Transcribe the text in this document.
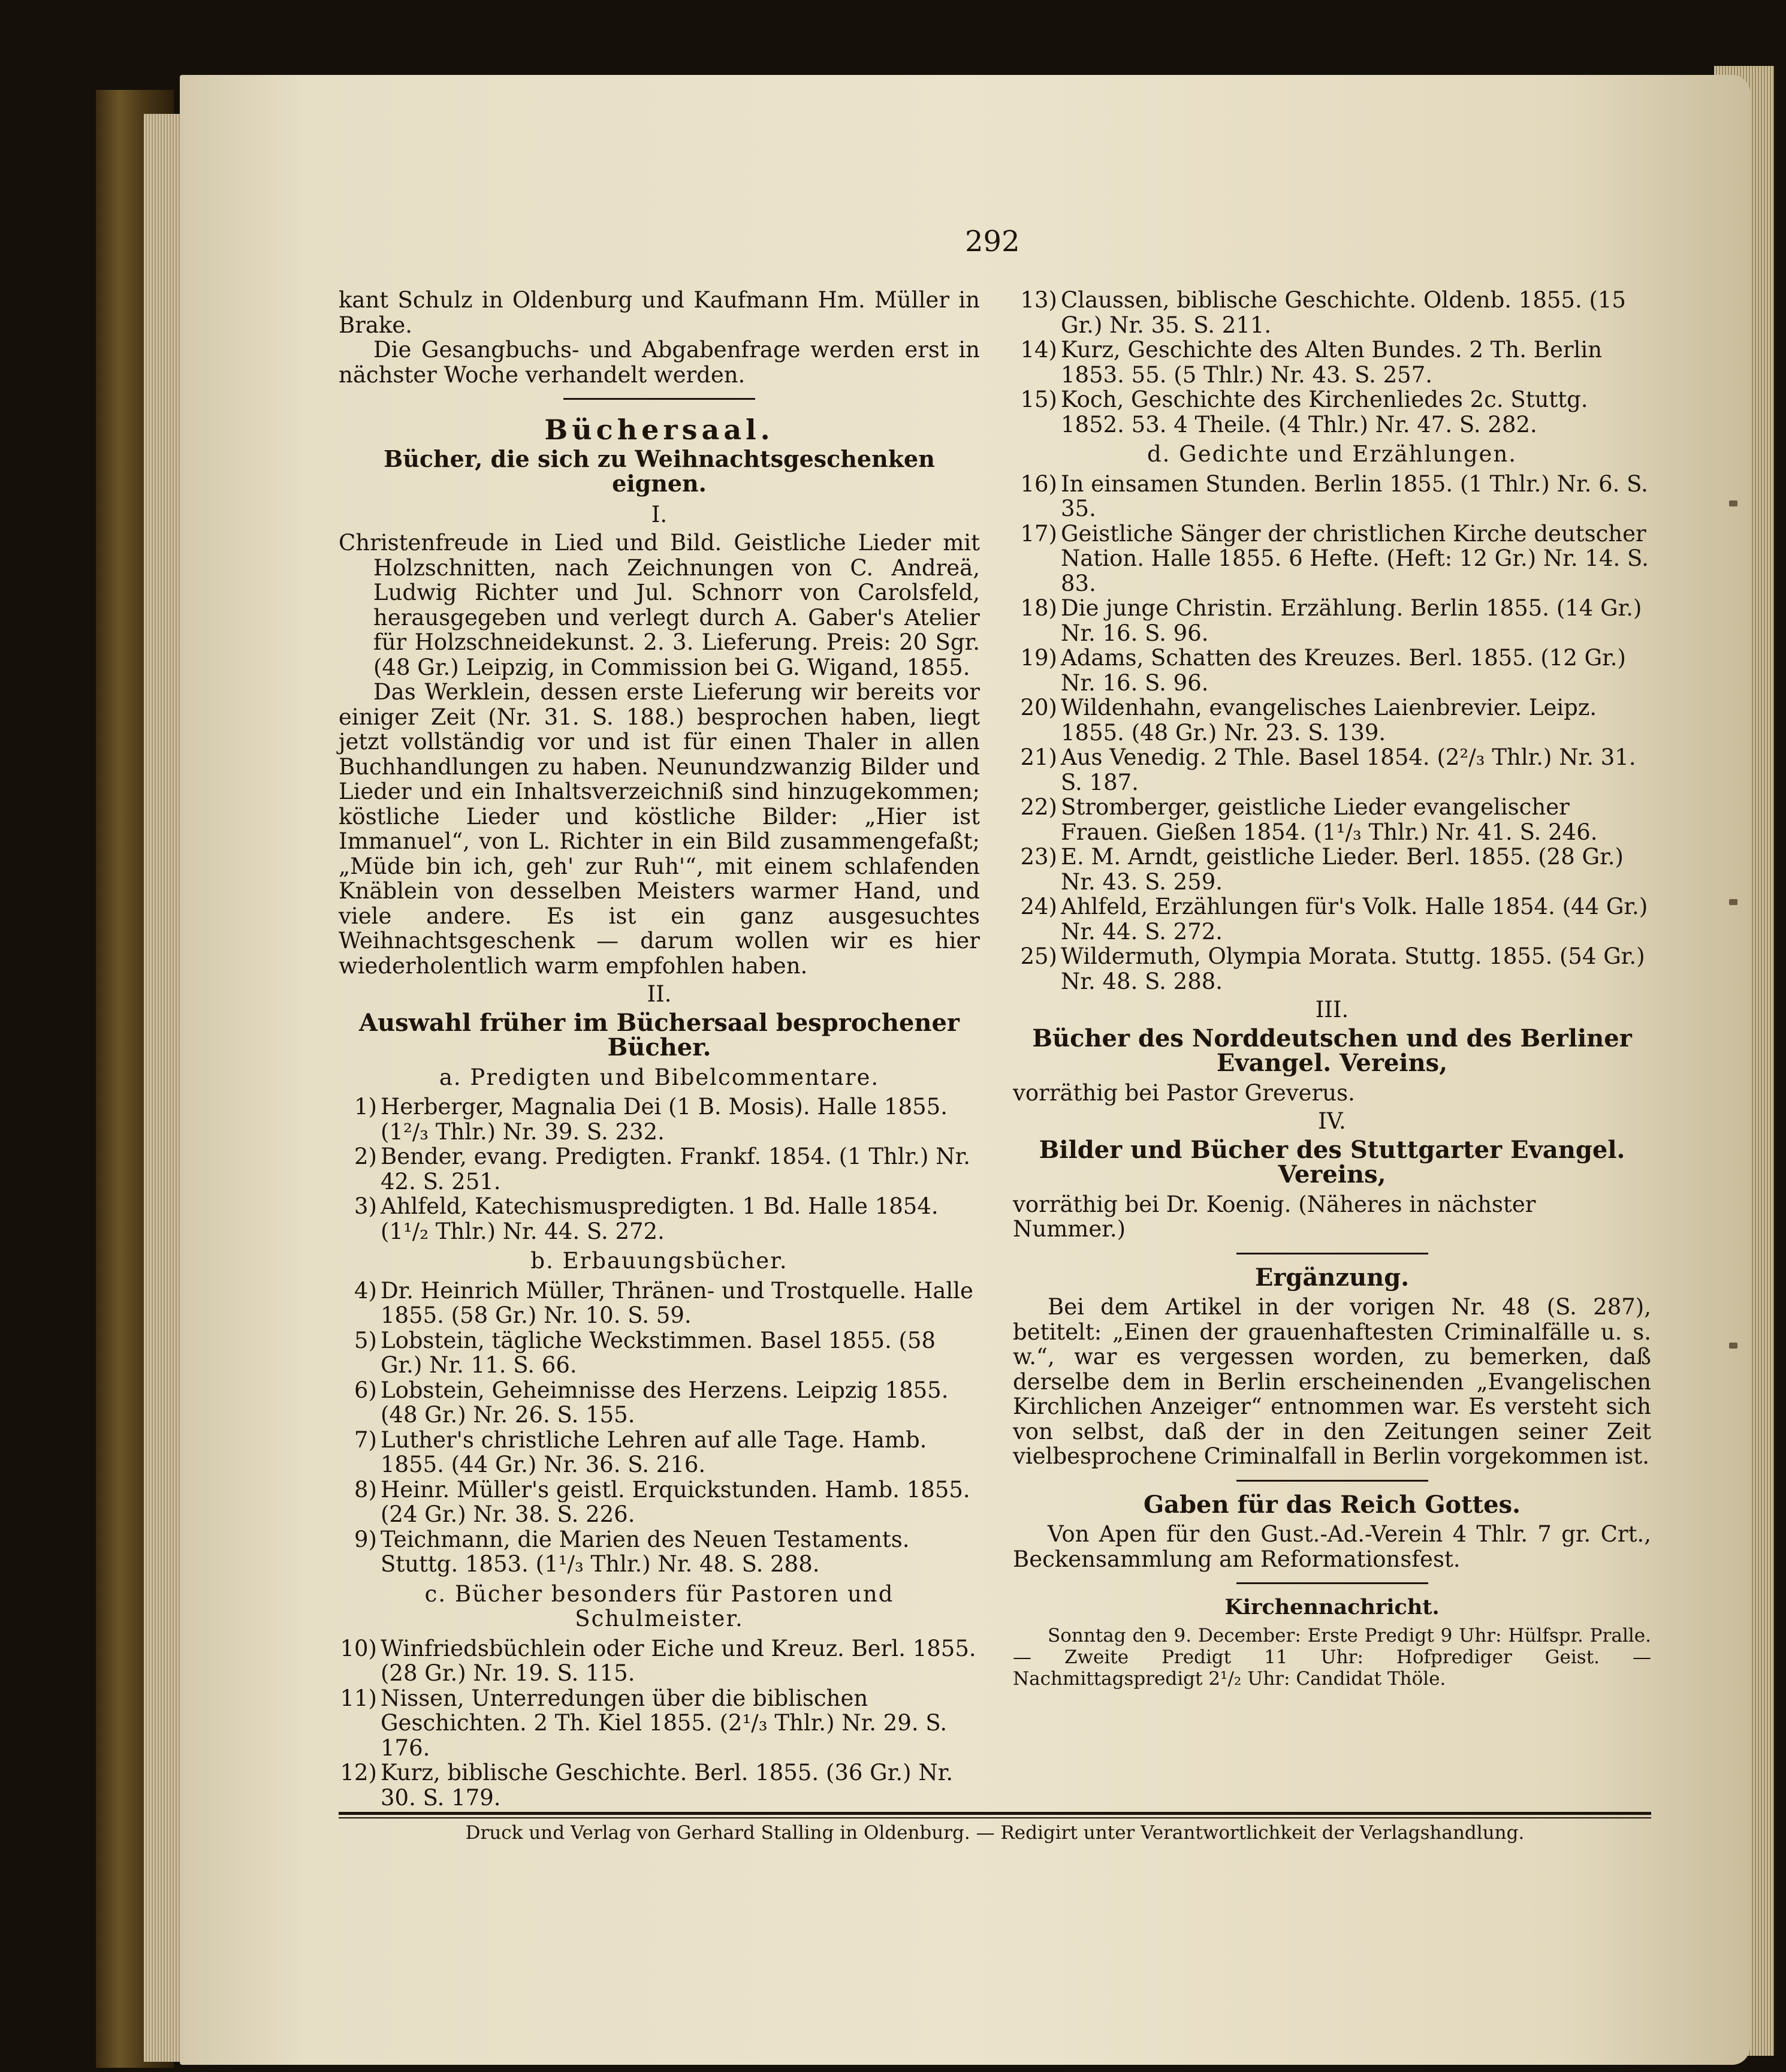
292

kant Schulz in Oldenburg und Kaufmann Hm. Müller in Brake.

Die Gesangbuchs- und Abgabenfrage werden erst in nächster Woche verhandelt werden.

Büchersaal.

Bücher, die sich zu Weihnachtsgeschenken eignen.

I.

Christenfreude in Lied und Bild. Geistliche Lieder mit Holzschnitten, nach Zeichnungen von C. Andreä, Ludwig Richter und Jul. Schnorr von Carolsfeld, herausgegeben und verlegt durch A. Gaber's Atelier für Holzschneidekunst. 2. 3. Lieferung. Preis: 20 Sgr. (48 Gr.) Leipzig, in Commission bei G. Wigand, 1855.

Das Werklein, dessen erste Lieferung wir bereits vor einiger Zeit (Nr. 31. S. 188.) besprochen haben, liegt jetzt vollständig vor und ist für einen Thaler in allen Buchhandlungen zu haben. Neunundzwanzig Bilder und Lieder und ein Inhaltsverzeichniß sind hinzugekommen; köstliche Lieder und köstliche Bilder: „Hier ist Immanuel“, von L. Richter in ein Bild zusammengefaßt; „Müde bin ich, geh' zur Ruh'“, mit einem schlafenden Knäblein von desselben Meisters warmer Hand, und viele andere. Es ist ein ganz ausgesuchtes Weihnachtsgeschenk — darum wollen wir es hier wiederholentlich warm empfohlen haben.

II.

Auswahl früher im Büchersaal besprochener Bücher.

a. Predigten und Bibelcommentare.

1) Herberger, Magnalia Dei (1 B. Mosis). Halle 1855. (1²/₃ Thlr.) Nr. 39. S. 232.
2) Bender, evang. Predigten. Frankf. 1854. (1 Thlr.) Nr. 42. S. 251.
3) Ahlfeld, Katechismuspredigten. 1 Bd. Halle 1854. (1¹/₂ Thlr.) Nr. 44. S. 272.

b. Erbauungsbücher.

4) Dr. Heinrich Müller, Thränen- und Trostquelle. Halle 1855. (58 Gr.) Nr. 10. S. 59.
5) Lobstein, tägliche Weckstimmen. Basel 1855. (58 Gr.) Nr. 11. S. 66.
6) Lobstein, Geheimnisse des Herzens. Leipzig 1855. (48 Gr.) Nr. 26. S. 155.
7) Luther's christliche Lehren auf alle Tage. Hamb. 1855. (44 Gr.) Nr. 36. S. 216.
8) Heinr. Müller's geistl. Erquickstunden. Hamb. 1855. (24 Gr.) Nr. 38. S. 226.
9) Teichmann, die Marien des Neuen Testaments. Stuttg. 1853. (1¹/₃ Thlr.) Nr. 48. S. 288.

c. Bücher besonders für Pastoren und Schulmeister.

10) Winfriedsbüchlein oder Eiche und Kreuz. Berl. 1855. (28 Gr.) Nr. 19. S. 115.
11) Nissen, Unterredungen über die biblischen Geschichten. 2 Th. Kiel 1855. (2¹/₃ Thlr.) Nr. 29. S. 176.
12) Kurz, biblische Geschichte. Berl. 1855. (36 Gr.) Nr. 30. S. 179.
13) Claussen, biblische Geschichte. Oldenb. 1855. (15 Gr.) Nr. 35. S. 211.
14) Kurz, Geschichte des Alten Bundes. 2 Th. Berlin 1853. 55. (5 Thlr.) Nr. 43. S. 257.
15) Koch, Geschichte des Kirchenliedes 2c. Stuttg. 1852. 53. 4 Theile. (4 Thlr.) Nr. 47. S. 282.

d. Gedichte und Erzählungen.

16) In einsamen Stunden. Berlin 1855. (1 Thlr.) Nr. 6. S. 35.
17) Geistliche Sänger der christlichen Kirche deutscher Nation. Halle 1855. 6 Hefte. (Heft: 12 Gr.) Nr. 14. S. 83.
18) Die junge Christin. Erzählung. Berlin 1855. (14 Gr.) Nr. 16. S. 96.
19) Adams, Schatten des Kreuzes. Berl. 1855. (12 Gr.) Nr. 16. S. 96.
20) Wildenhahn, evangelisches Laienbrevier. Leipz. 1855. (48 Gr.) Nr. 23. S. 139.
21) Aus Venedig. 2 Thle. Basel 1854. (2²/₃ Thlr.) Nr. 31. S. 187.
22) Stromberger, geistliche Lieder evangelischer Frauen. Gießen 1854. (1¹/₃ Thlr.) Nr. 41. S. 246.
23) E. M. Arndt, geistliche Lieder. Berl. 1855. (28 Gr.) Nr. 43. S. 259.
24) Ahlfeld, Erzählungen für's Volk. Halle 1854. (44 Gr.) Nr. 44. S. 272.
25) Wildermuth, Olympia Morata. Stuttg. 1855. (54 Gr.) Nr. 48. S. 288.

III.

Bücher des Norddeutschen und des Berliner Evangel. Vereins,

vorräthig bei Pastor Greverus.

IV.

Bilder und Bücher des Stuttgarter Evangel. Vereins,

vorräthig bei Dr. Koenig. (Näheres in nächster Nummer.)

Ergänzung.

Bei dem Artikel in der vorigen Nr. 48 (S. 287), betitelt: „Einen der grauenhaftesten Criminalfälle u. s. w.“, war es vergessen worden, zu bemerken, daß derselbe dem in Berlin erscheinenden „Evangelischen Kirchlichen Anzeiger“ entnommen war. Es versteht sich von selbst, daß der in den Zeitungen seiner Zeit vielbesprochene Criminalfall in Berlin vorgekommen ist.

Gaben für das Reich Gottes.

Von Apen für den Gust.-Ad.-Verein 4 Thlr. 7 gr. Crt., Beckensammlung am Reformationsfest.

Kirchennachricht.

Sonntag den 9. December: Erste Predigt 9 Uhr: Hülfspr. Pralle. — Zweite Predigt 11 Uhr: Hofprediger Geist. — Nachmittagspredigt 2¹/₂ Uhr: Candidat Thöle.

Druck und Verlag von Gerhard Stalling in Oldenburg. — Redigirt unter Verantwortlichkeit der Verlagshandlung.
